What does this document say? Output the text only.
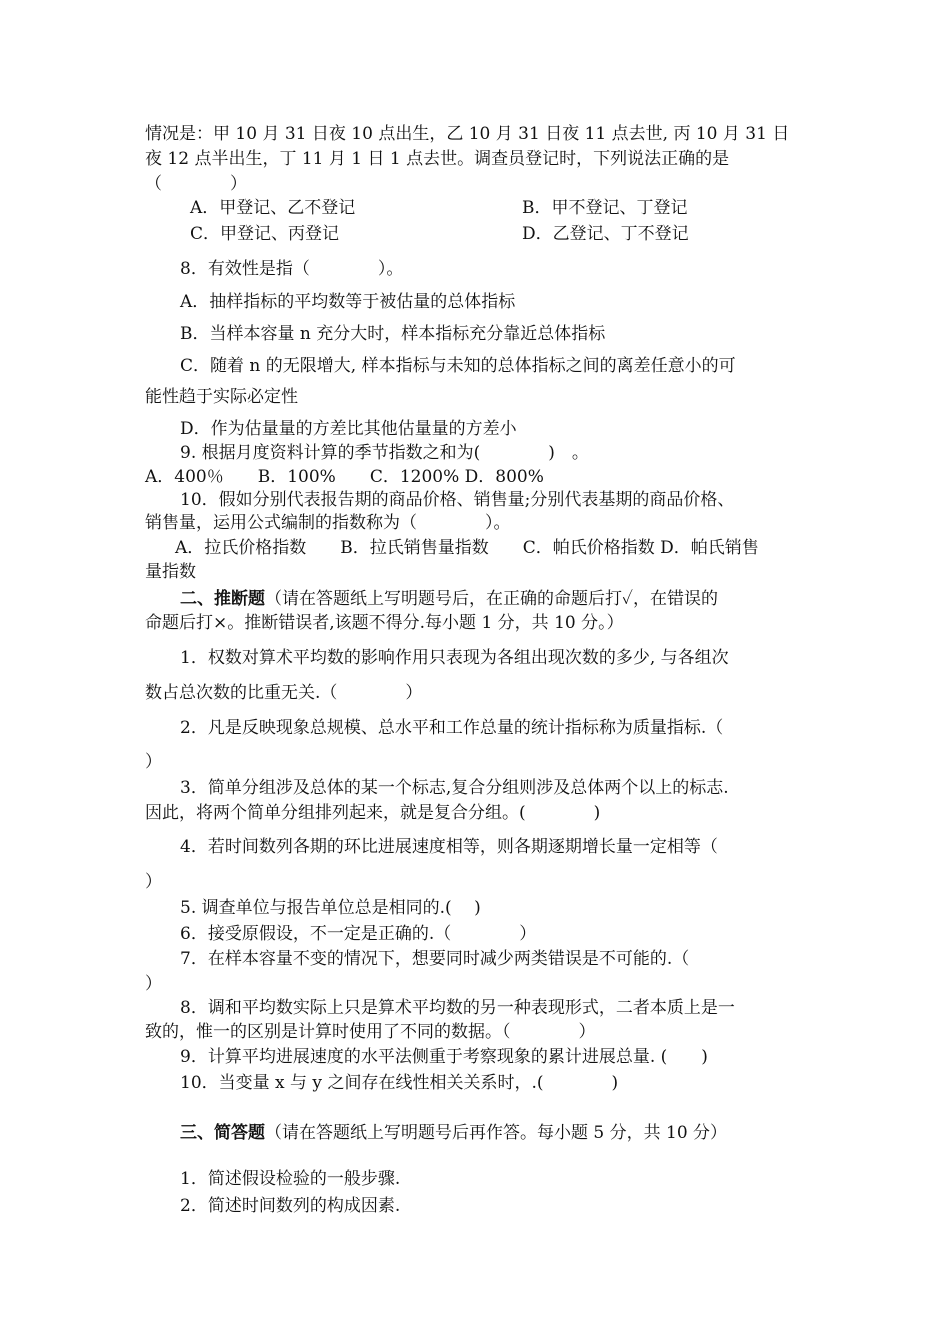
情况是：甲 10 月 31 日夜 10 点出生，乙 10 月 31 日夜 11 点去世, 丙 10 月 31 日
夜 12 点半出生，丁 11 月 1 日 1 点去世。调查员登记时，下列说法正确的是
（　　　　）
A．甲登记、乙不登记	B．甲不登记、丁登记
C．甲登记、丙登记	D．乙登记、丁不登记
8．有效性是指（　　　　）。
A．抽样指标的平均数等于被估量的总体指标
B．当样本容量 n 充分大时，样本指标充分靠近总体指标
C．随着 n 的无限增大, 样本指标与未知的总体指标之间的离差任意小的可
能性趋于实际必定性
D．作为估量量的方差比其他估量量的方差小
9. 根据月度资料计算的季节指数之和为(　　　　)　。
A．400％　　B．100%　　C．1200% D．800%
10．假如分别代表报告期的商品价格、销售量;分别代表基期的商品价格、
销售量，运用公式编制的指数称为（　　　　）。
A．拉氏价格指数　　B．拉氏销售量指数　　C．帕氏价格指数 D．帕氏销售
量指数
二、推断题（请在答题纸上写明题号后，在正确的命题后打✓，在错误的
命题后打×。推断错误者,该题不得分.每小题 1 分，共 10 分。）
1．权数对算术平均数的影响作用只表现为各组出现次数的多少, 与各组次
数占总次数的比重无关.（　　　　）
2．凡是反映现象总规模、总水平和工作总量的统计指标称为质量指标.（
）
3．简单分组涉及总体的某一个标志,复合分组则涉及总体两个以上的标志.
因此，将两个简单分组排列起来，就是复合分组。(　　　　)
4．若时间数列各期的环比进展速度相等，则各期逐期增长量一定相等（
）
5. 调查单位与报告单位总是相同的.(　 )
6．接受原假设，不一定是正确的.（　　　　）
7．在样本容量不变的情况下，想要同时减少两类错误是不可能的.（
）
8．调和平均数实际上只是算术平均数的另一种表现形式，二者本质上是一
致的，惟一的区别是计算时使用了不同的数据。（　　　　）
9．计算平均进展速度的水平法侧重于考察现象的累计进展总量. (　　)
10．当变量 x 与 y 之间存在线性相关关系时，.(　　　　)
三、简答题（请在答题纸上写明题号后再作答。每小题 5 分，共 10 分）
1．简述假设检验的一般步骤.
2．简述时间数列的构成因素.
